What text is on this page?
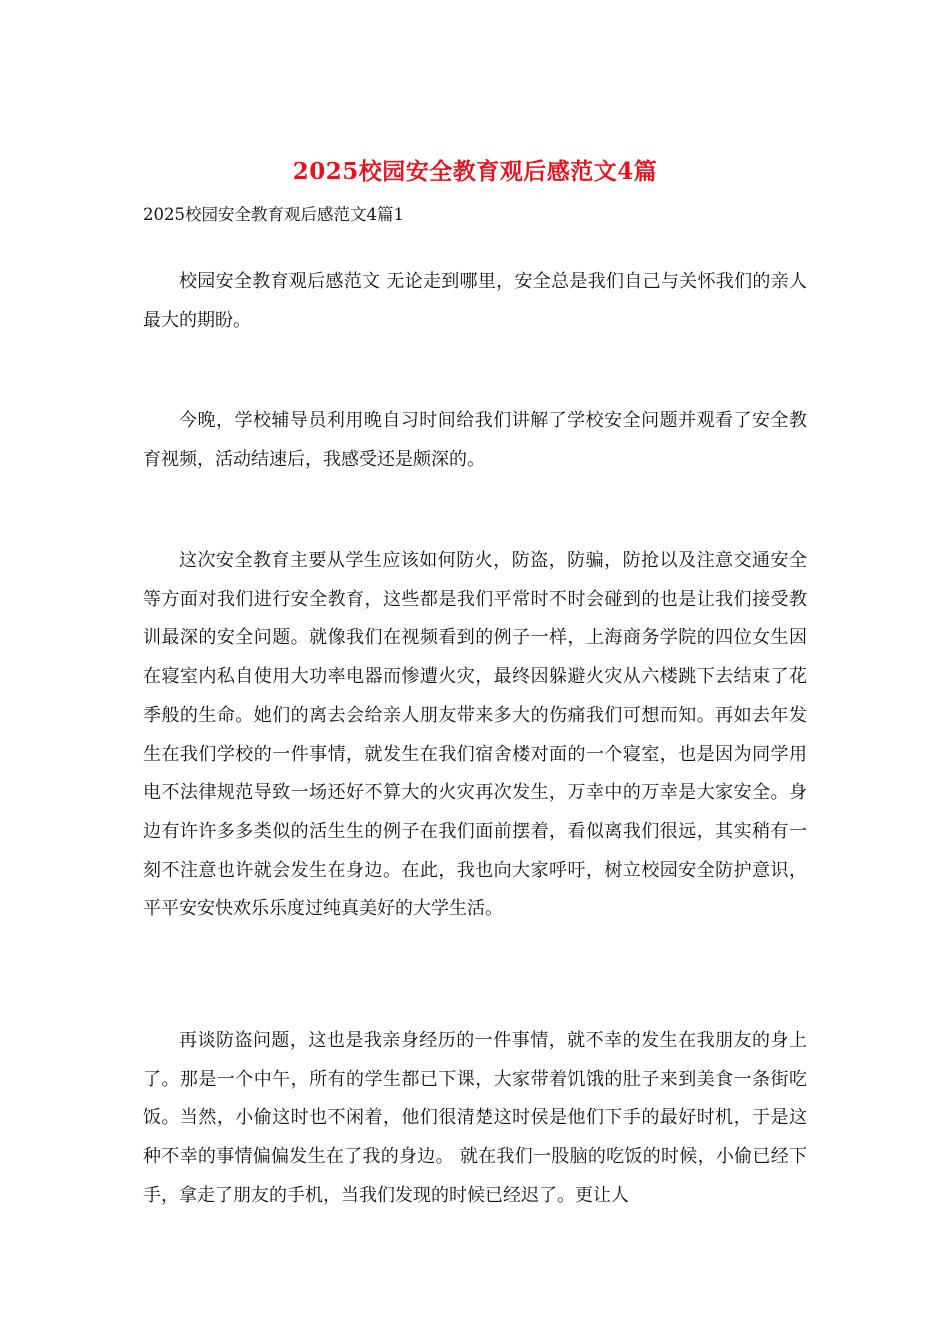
2025校园安全教育观后感范文4篇

2025校园安全教育观后感范文4篇1

校园安全教育观后感范文 无论走到哪里，安全总是我们自己与关怀我们的亲人最大的期盼。

今晚，学校辅导员利用晚自习时间给我们讲解了学校安全问题并观看了安全教育视频，活动结速后，我感受还是颇深的。

这次安全教育主要从学生应该如何防火，防盗，防骗，防抢以及注意交通安全等方面对我们进行安全教育，这些都是我们平常时不时会碰到的也是让我们接受教训最深的安全问题。就像我们在视频看到的例子一样，上海商务学院的四位女生因在寝室内私自使用大功率电器而惨遭火灾，最终因躲避火灾从六楼跳下去结束了花季般的生命。她们的离去会给亲人朋友带来多大的伤痛我们可想而知。再如去年发生在我们学校的一件事情，就发生在我们宿舍楼对面的一个寝室，也是因为同学用电不法律规范导致一场还好不算大的火灾再次发生，万幸中的万幸是大家安全。身边有许许多多类似的活生生的例子在我们面前摆着，看似离我们很远，其实稍有一刻不注意也许就会发生在身边。在此，我也向大家呼吁，树立校园安全防护意识，平平安安快欢乐乐度过纯真美好的大学生活。

再谈防盗问题，这也是我亲身经历的一件事情，就不幸的发生在我朋友的身上了。那是一个中午，所有的学生都已下课，大家带着饥饿的肚子来到美食一条街吃饭。当然，小偷这时也不闲着，他们很清楚这时侯是他们下手的最好时机，于是这种不幸的事情偏偏发生在了我的身边。 就在我们一股脑的吃饭的时候，小偷已经下手，拿走了朋友的手机，当我们发现的时候已经迟了。更让人
